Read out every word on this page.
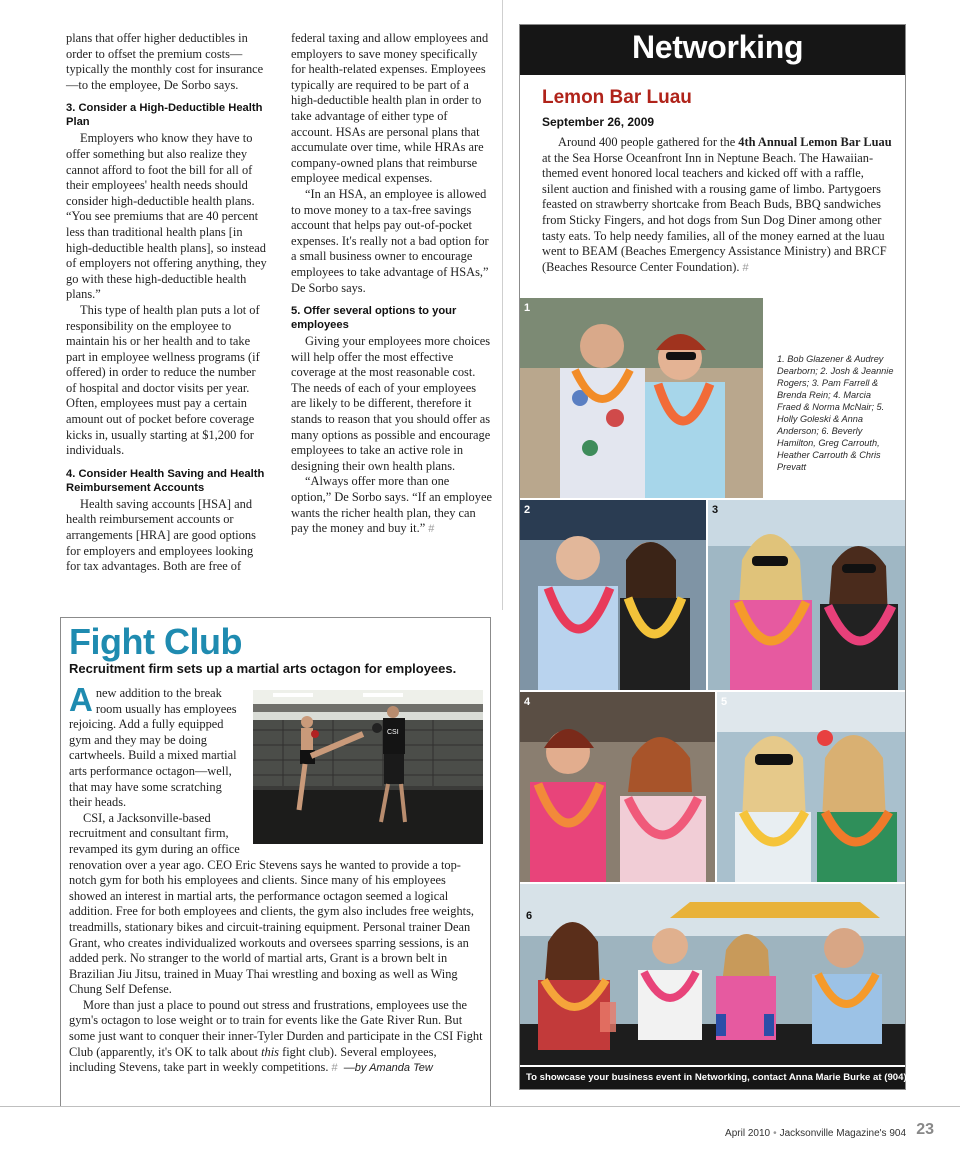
plans that offer higher deductibles in order to offset the premium costs—typically the monthly cost for insurance—to the employee, De Sorbo says.

3. Consider a High-Deductible Health Plan

Employers who know they have to offer something but also realize they cannot afford to foot the bill for all of their employees' health needs should consider high-deductible health plans. “You see premiums that are 40 percent less than traditional health plans [in high-deductible health plans], so instead of employers not offering anything, they go with these high-deductible health plans.”

This type of health plan puts a lot of responsibility on the employee to maintain his or her health and to take part in employee wellness programs (if offered) in order to reduce the number of hospital and doctor visits per year. Often, employees must pay a certain amount out of pocket before coverage kicks in, usually starting at $1,200 for individuals.

4. Consider Health Saving and Health Reimbursement Accounts

Health saving accounts [HSA] and health reimbursement accounts or arrangements [HRA] are good options for employers and employees looking for tax advantages. Both are free of

federal taxing and allow employees and employers to save money specifically for health-related expenses. Employees typically are required to be part of a high-deductible health plan in order to take advantage of either type of account. HSAs are personal plans that accumulate over time, while HRAs are company-owned plans that reimburse employee medical expenses.

“In an HSA, an employee is allowed to move money to a tax-free savings account that helps pay out-of-pocket expenses. It's really not a bad option for a small business owner to encourage employees to take advantage of HSAs,” De Sorbo says.

5. Offer several options to your employees

Giving your employees more choices will help offer the most effective coverage at the most reasonable cost. The needs of each of your employees are likely to be different, therefore it stands to reason that you should offer as many options as possible and encourage employees to take an active role in designing their own health plans.

“Always offer more than one option,” De Sorbo says. “If an employee wants the richer health plan, they can pay the money and buy it.” #

Fight Club
Recruitment firm sets up a martial arts octagon for employees.
CSI

Anew addition to the break room usually has employees rejoicing. Add a fully equipped gym and they may be doing cartwheels. Build a mixed martial arts performance octagon—well, that may have some scratching their heads.

CSI, a Jacksonville-based recruitment and consultant firm, revamped its gym during an office renovation over a year ago. CEO Eric Stevens says he wanted to provide a top-notch gym for both his employees and clients. Since many of his employees showed an interest in martial arts, the performance octagon seemed a logical addition. Free for both employees and clients, the gym also includes free weights, treadmills, stationary bikes and circuit-training equipment. Personal trainer Dean Grant, who creates individualized workouts and oversees sparring sessions, is an added perk. No stranger to the world of martial arts, Grant is a brown belt in Brazilian Jiu Jitsu, trained in Muay Thai wrestling and boxing as well as Wing Chung Self Defense.

More than just a place to pound out stress and frustrations, employees use the gym's octagon to lose weight or to train for events like the Gate River Run. But some just want to conquer their inner-Tyler Durden and participate in the CSI Fight Club (apparently, it's OK to talk about this fight club). Several employees, including Stevens, take part in weekly competitions. # —by Amanda Tew

Networking
Lemon Bar Luau
September 26, 2009

Around 400 people gathered for the 4th Annual Lemon Bar Luau at the Sea Horse Oceanfront Inn in Neptune Beach. The Hawaiian-themed event honored local teachers and kicked off with a raffle, silent auction and finished with a rousing game of limbo. Partygoers feasted on strawberry shortcake from Beach Buds, BBQ sandwiches from Sticky Fingers, and hot dogs from Sun Dog Diner among other tasty eats. To help needy families, all of the money earned at the luau went to BEAM (Beaches Emergency Assistance Ministry) and BRCF (Beaches Resource Center Foundation). #

1
1. Bob Glazener & Audrey Dearborn; 2. Josh & Jeannie Rogers; 3. Pam Farrell & Brenda Rein; 4. Marcia Fraed & Norma McNair; 5. Holly Goleski & Anna Anderson; 6. Beverly Hamilton, Greg Carrouth, Heather Carrouth & Chris Prevatt
2	3
4	5
6
To showcase your business event in Networking, contact Anna Marie Burke at (904) 389-3622.
April 2010 • Jacksonville Magazine's 904 23
